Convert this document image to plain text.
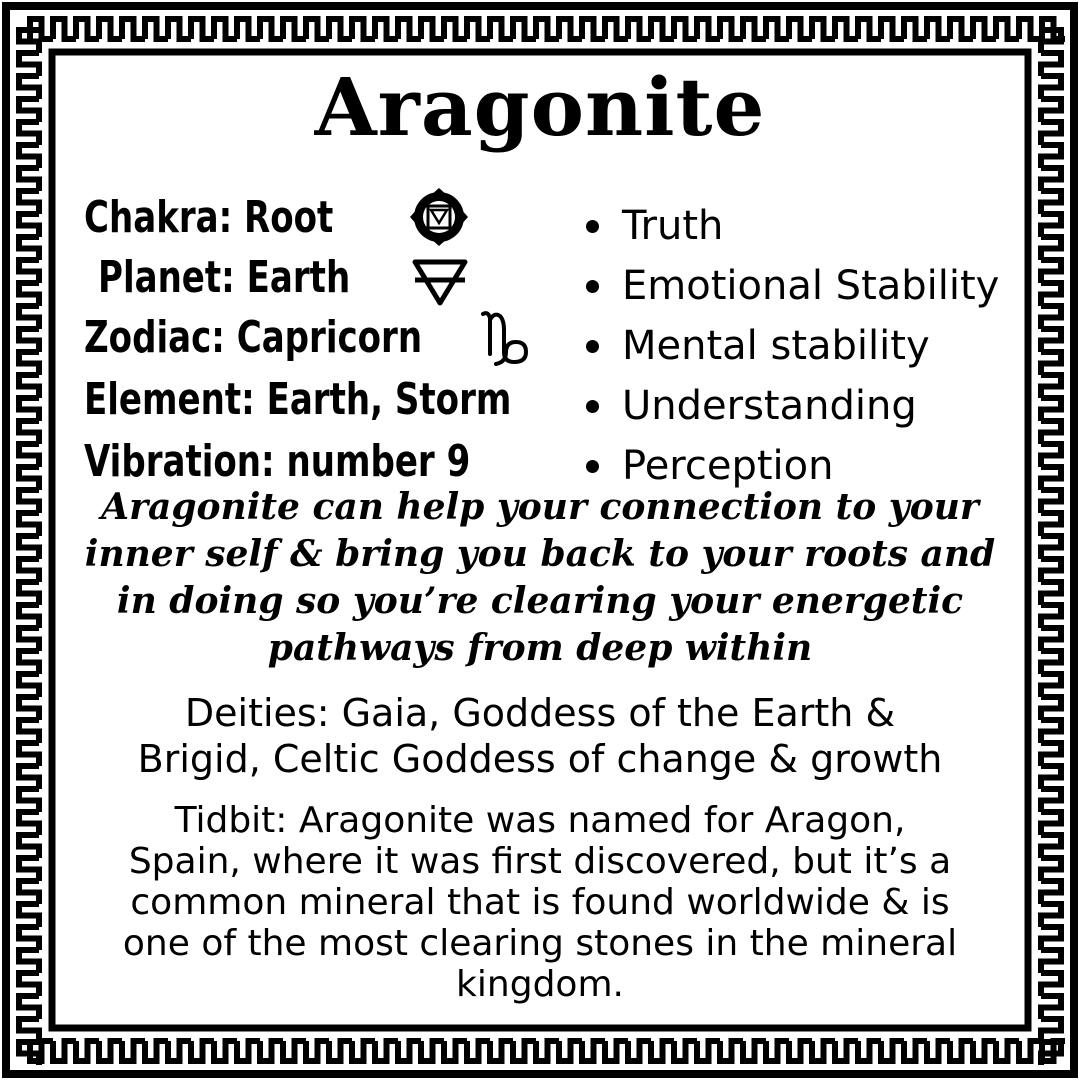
Aragonite
Chakra: Root
Planet: Earth
Zodiac: Capricorn
Element: Earth, Storm
Vibration: number 9
Truth
Emotional Stability
Mental stability
Understanding
Perception
Aragonite can help your connection to your
inner self & bring you back to your roots and
in doing so you’re clearing your energetic
pathways from deep within
Deities: Gaia, Goddess of the Earth &
Brigid, Celtic Goddess of change & growth
Tidbit: Aragonite was named for Aragon,
Spain, where it was first discovered, but it’s a
common mineral that is found worldwide & is
one of the most clearing stones in the mineral
kingdom.
